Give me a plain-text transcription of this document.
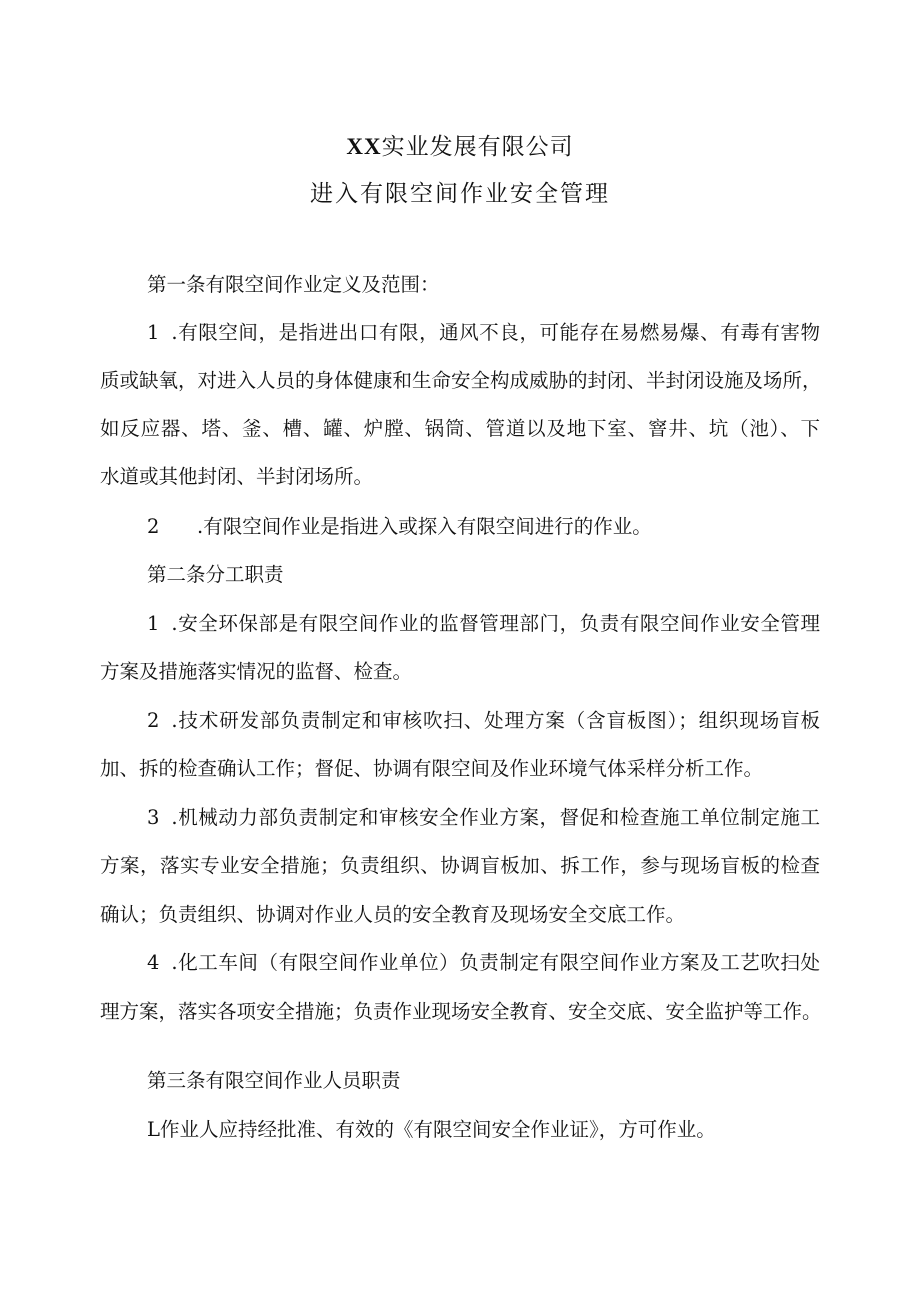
XX实业发展有限公司
进入有限空间作业安全管理
第一条有限空间作业定义及范围：
1 .有限空间，是指进出口有限，通风不良，可能存在易燃易爆、有毒有害物
质或缺氧，对进入人员的身体健康和生命安全构成威胁的封闭、半封闭设施及场所，
如反应器、塔、釜、槽、罐、炉膛、锅筒、管道以及地下室、窨井、坑（池）、下
水道或其他封闭、半封闭场所。
2 .有限空间作业是指进入或探入有限空间进行的作业。
第二条分工职责
1 .安全环保部是有限空间作业的监督管理部门，负责有限空间作业安全管理
方案及措施落实情况的监督、检查。
2 .技术研发部负责制定和审核吹扫、处理方案（含盲板图）；组织现场盲板
加、拆的检查确认工作；督促、协调有限空间及作业环境气体采样分析工作。
3 .机械动力部负责制定和审核安全作业方案，督促和检查施工单位制定施工
方案，落实专业安全措施；负责组织、协调盲板加、拆工作，参与现场盲板的检查
确认；负责组织、协调对作业人员的安全教育及现场安全交底工作。
4 .化工车间（有限空间作业单位）负责制定有限空间作业方案及工艺吹扫处
理方案，落实各项安全措施；负责作业现场安全教育、安全交底、安全监护等工作。
第三条有限空间作业人员职责
L作业人应持经批准、有效的《有限空间安全作业证》，方可作业。
